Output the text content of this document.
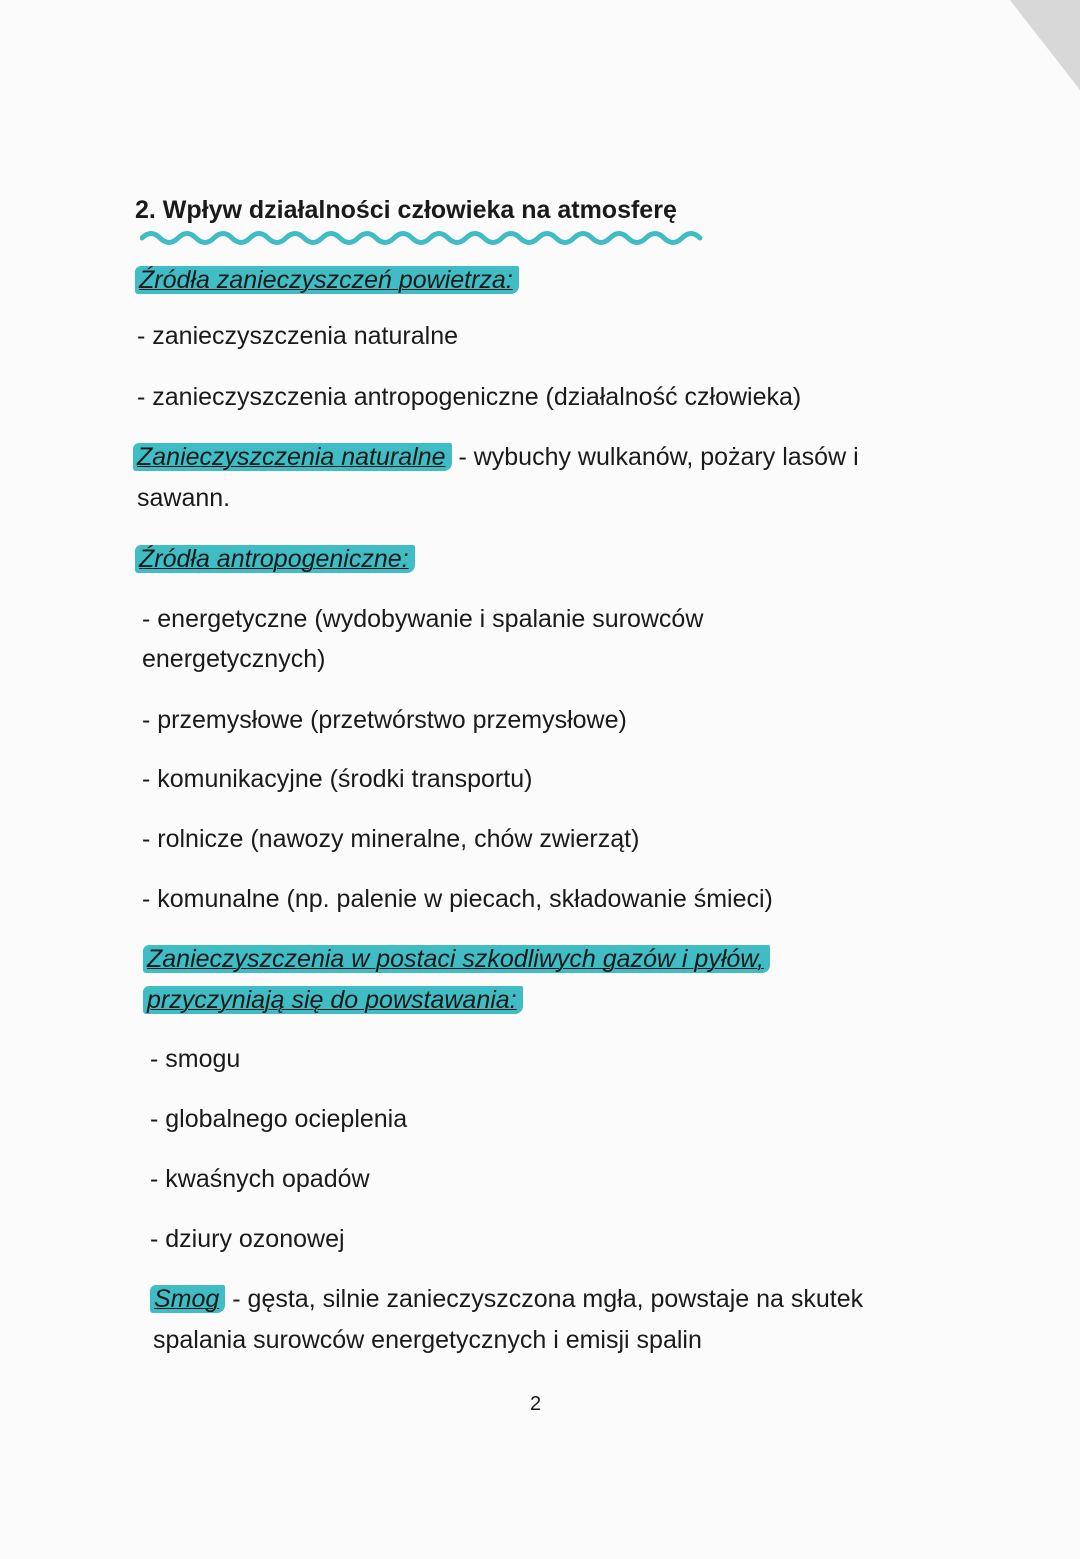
2. Wpływ działalności człowieka na atmosferę

Źródła zanieczyszczeń powietrza:

- zanieczyszczenia naturalne

- zanieczyszczenia antropogeniczne (działalność człowieka)

Zanieczyszczenia naturalne - wybuchy wulkanów, pożary lasów i

sawann.

Źródła antropogeniczne:

- energetyczne (wydobywanie i spalanie surowców

energetycznych)

- przemysłowe (przetwórstwo przemysłowe)

- komunikacyjne (środki transportu)

- rolnicze (nawozy mineralne, chów zwierząt)

- komunalne (np. palenie w piecach, składowanie śmieci)

Zanieczyszczenia w postaci szkodliwych gazów i pyłów,

przyczyniają się do powstawania:

- smogu

- globalnego ocieplenia

- kwaśnych opadów

- dziury ozonowej

Smog - gęsta, silnie zanieczyszczona mgła, powstaje na skutek

spalania surowców energetycznych i emisji spalin

2
